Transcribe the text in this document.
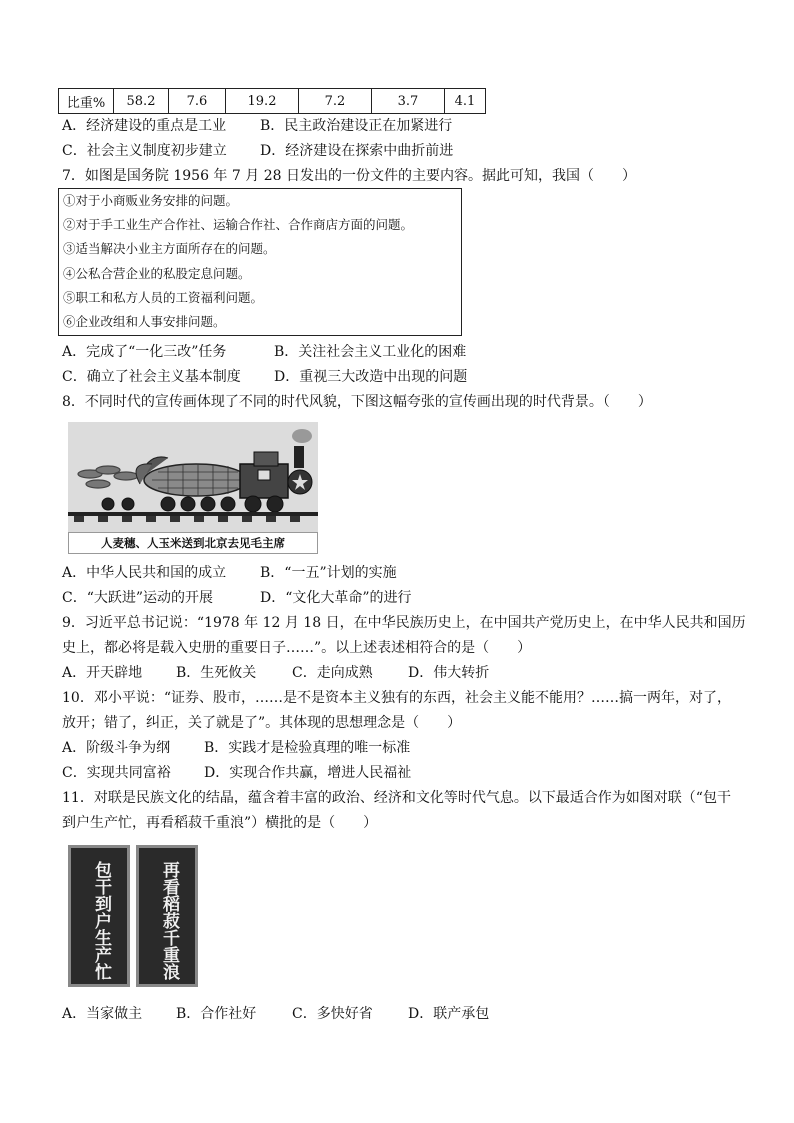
比重%	58.2	7.6	19.2	7.2	3.7	4.1
A．经济建设的重点是工业 B．民主政治建设正在加紧进行
C．社会主义制度初步建立 D．经济建设在探索中曲折前进
7．如图是国务院 1956 年 7 月 28 日发出的一份文件的主要内容。据此可知，我国（　　）
①对于小商贩业务安排的问题。
②对于手工业生产合作社、运输合作社、合作商店方面的问题。
③适当解决小业主方面所存在的问题。
④公私合营企业的私股定息问题。
⑤职工和私方人员的工资福利问题。
⑥企业改组和人事安排问题。
A．完成了“一化三改”任务	B．关注社会主义工业化的困难
C．确立了社会主义基本制度 D．重视三大改造中出现的问题
8．不同时代的宣传画体现了不同的时代风貌，下图这幅夸张的宣传画出现的时代背景。（　　）
人麦穗、人玉米送到北京去见毛主席
A．中华人民共和国的成立 B．“一五”计划的实施
C．“大跃进”运动的开展	D．“文化大革命”的进行
9．习近平总书记说：“1978 年 12 月 18 日，在中华民族历史上，在中国共产党历史上，在中华人民共和国历
史上，都必将是载入史册的重要日子……”。以上述表述相符合的是（　　）
A．开天辟地 B．生死攸关	C．走向成熟	D．伟大转折
10．邓小平说：“证券、股市，……是不是资本主义独有的东西，社会主义能不能用？……搞一两年，对了，
放开；错了，纠正，关了就是了”。其体现的思想理念是（　　）
A．阶级斗争为纲 B．实践才是检验真理的唯一标准
C．实现共同富裕 D．实现合作共赢，增进人民福祉
11．对联是民族文化的结晶，蕴含着丰富的政治、经济和文化等时代气息。以下最适合作为如图对联（“包干
到户生产忙，再看稻菽千重浪”）横批的是（　　）
包干到户生产忙	再看稻菽千重浪
A．当家做主 B．合作社好	C．多快好省	D．联产承包
